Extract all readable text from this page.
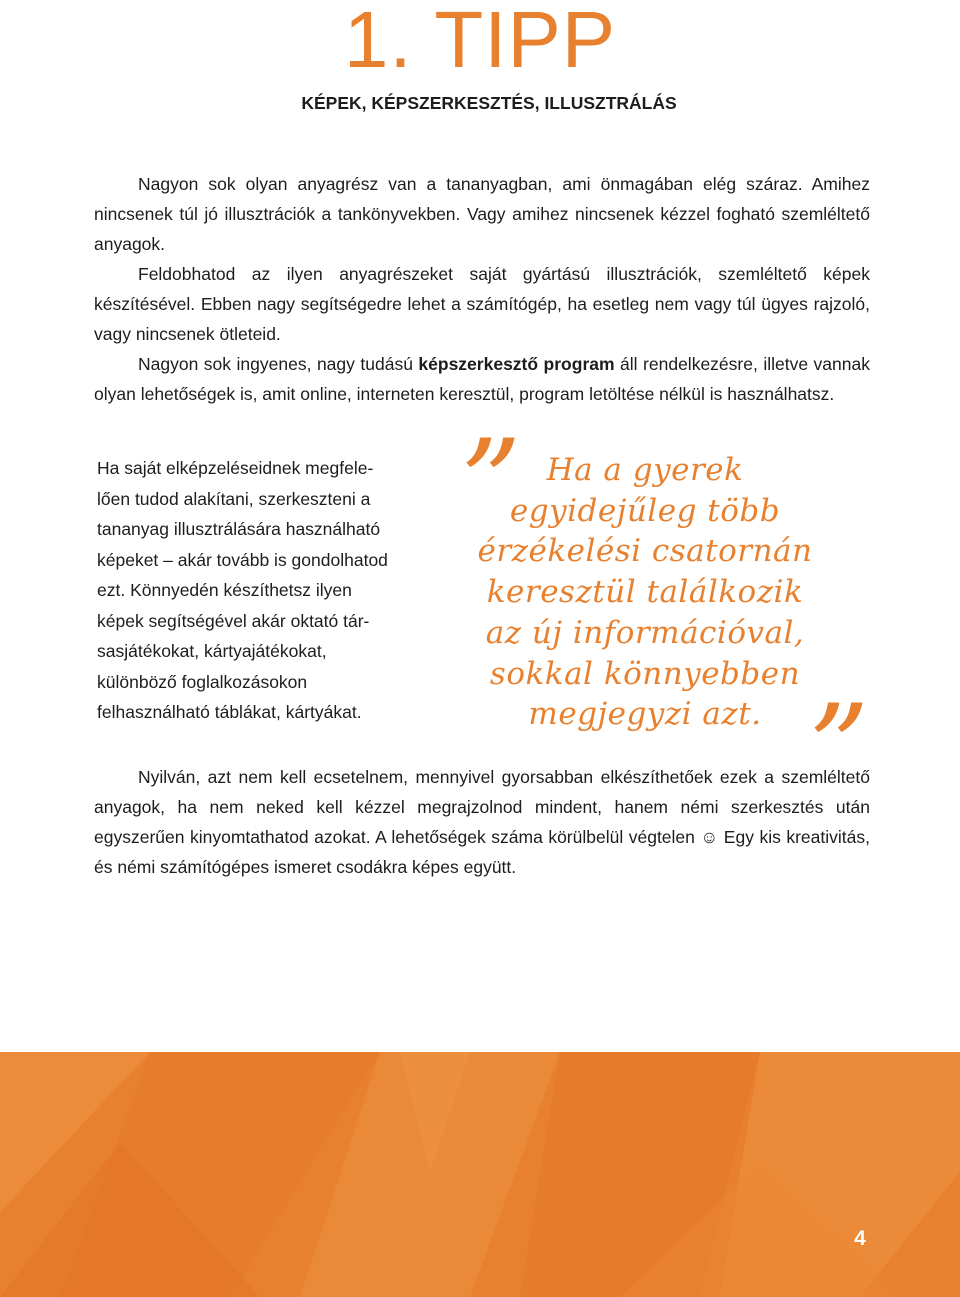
1. TIPP
KÉPEK, KÉPSZERKESZTÉS, ILLUSZTRÁLÁS

Nagyon sok olyan anyagrész van a tananyagban, ami önmagában elég száraz. Amihez nincsenek túl jó illusztrációk a tankönyvekben. Vagy amihez nincsenek kézzel fogható szemléltető anyagok.

Feldobhatod az ilyen anyagrészeket saját gyártású illusztrációk, szemléltető képek készítésével. Ebben nagy segítségedre lehet a számítógép, ha esetleg nem vagy túl ügyes rajzoló, vagy nincsenek ötleteid.

Nagyon sok ingyenes, nagy tudású képszerkesztő program áll rendelkezésre, illetve vannak olyan lehetőségek is, amit online, interneten keresztül, program letöltése nélkül is használhatsz.

Ha saját elképzeléseidnek megfele-
lően tudod alakítani, szerkeszteni a
tananyag illusztrálására használható
képeket – akár tovább is gondolhatod
ezt. Könnyedén készíthetsz ilyen
képek segítségével akár oktató tár-
sasjátékokat, kártyajátékokat,
különböző foglalkozásokon
felhasználható táblákat, kártyákat.
” Ha a gyerek
egyidejűleg több
érzékelési csatornán
keresztül találkozik
az új információval,
sokkal könnyebben
megjegyzi azt. ”

Nyilván, azt nem kell ecsetelnem, mennyivel gyorsabban elkészíthetőek ezek a szemléltető anyagok, ha nem neked kell kézzel megrajzolnod mindent, hanem némi szerkesztés után egyszerűen kinyomtathatod azokat. A lehetőségek száma körülbelül végtelen ☺ Egy kis kreativitás, és némi számítógépes ismeret csodákra képes együtt.

4
